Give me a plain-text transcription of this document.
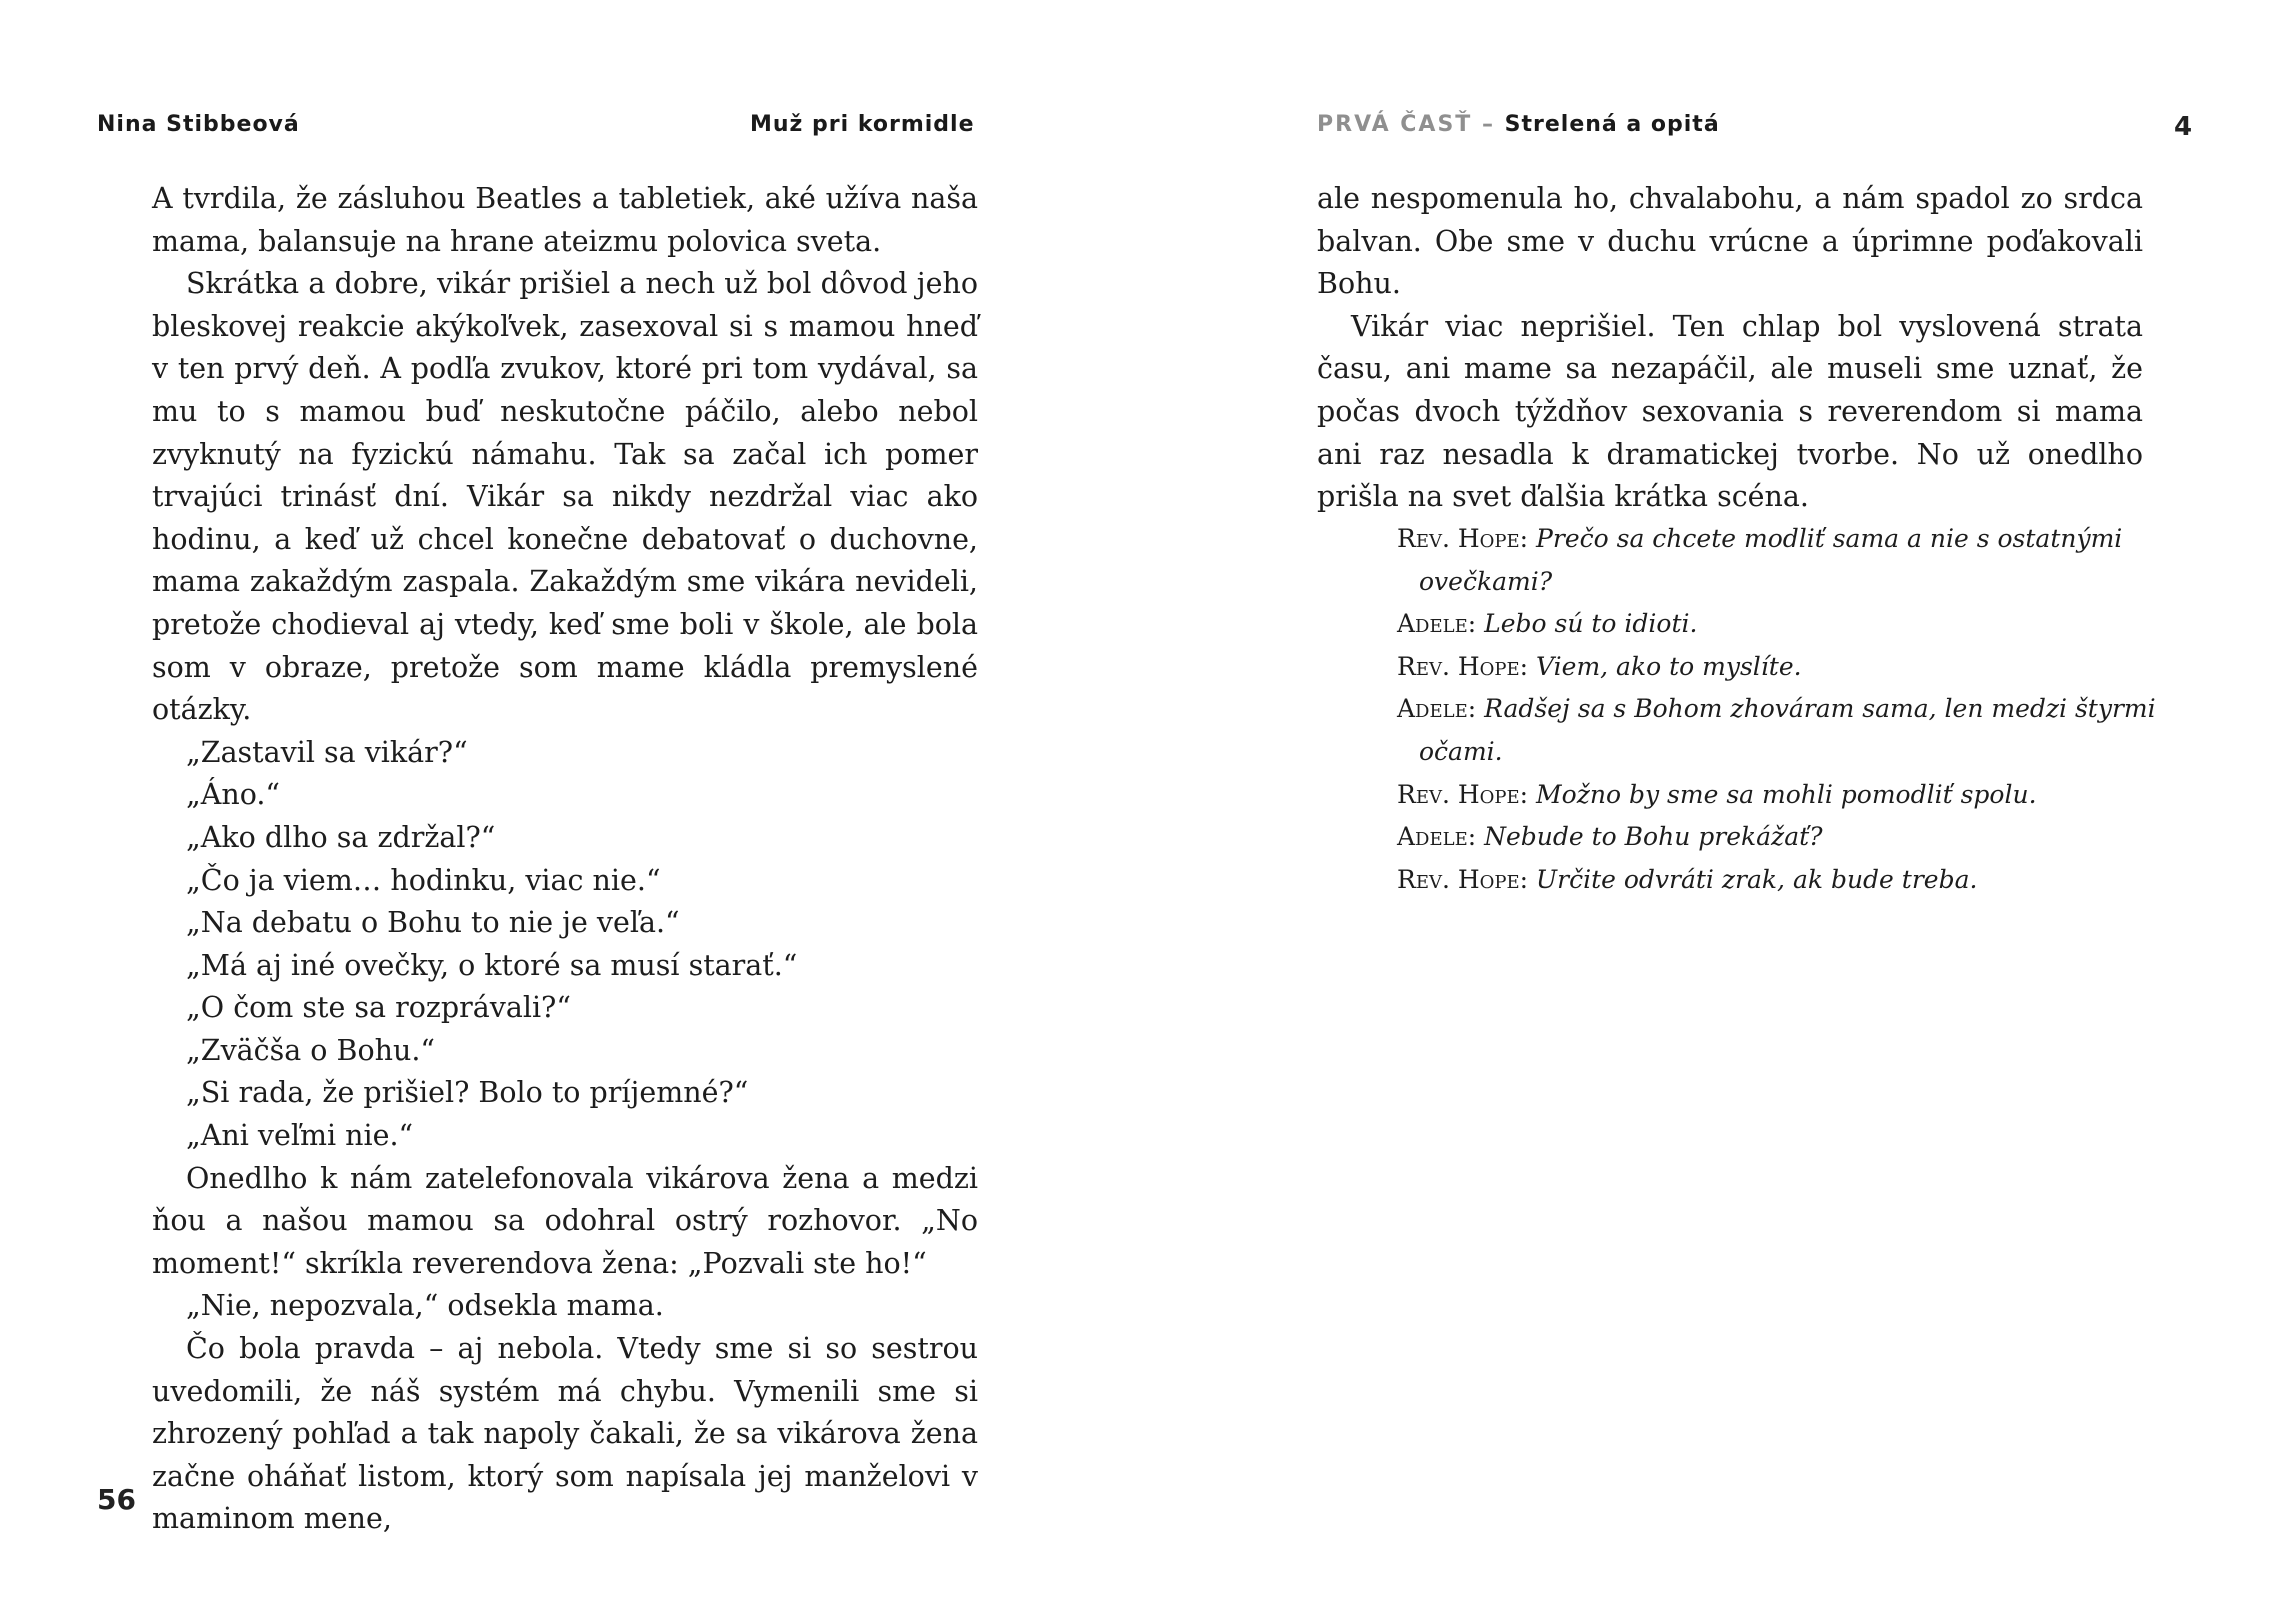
Nina Stibbeová	Muž pri kormidle

A tvrdila, že zásluhou Beatles a tabletiek, aké užíva naša mama, balansuje na hrane ateizmu polovica sveta.

Skrátka a dobre, vikár prišiel a nech už bol dôvod jeho bleskovej reakcie akýkoľvek, zasexoval si s mamou hneď v ten prvý deň. A podľa zvukov, ktoré pri tom vydával, sa mu to s mamou buď neskutočne páčilo, alebo nebol zvyknutý na fyzickú námahu. Tak sa začal ich pomer trvajúci trinásť dní. Vikár sa nikdy nezdržal viac ako hodinu, a keď už chcel konečne debatovať o duchovne, mama zakaždým zaspala. Zakaždým sme vikára nevideli, pretože chodieval aj vtedy, keď sme boli v škole, ale bola som v obraze, pretože som mame kládla premyslené otázky.

„Zastavil sa vikár?“

„Áno.“

„Ako dlho sa zdržal?“

„Čo ja viem… hodinku, viac nie.“

„Na debatu o Bohu to nie je veľa.“

„Má aj iné ovečky, o ktoré sa musí starať.“

„O čom ste sa rozprávali?“

„Zväčša o Bohu.“

„Si rada, že prišiel? Bolo to príjemné?“

„Ani veľmi nie.“

Onedlho k nám zatelefonovala vikárova žena a medzi ňou a našou mamou sa odohral ostrý rozhovor. „No moment!“ skríkla reverendova žena: „Pozvali ste ho!“

„Nie, nepozvala,“ odsekla mama.

Čo bola pravda – aj nebola. Vtedy sme si so sestrou uvedomili, že náš systém má chybu. Vymenili sme si zhrozený pohľad a tak napoly čakali, že sa vikárova žena začne oháňať listom, ktorý som napísala jej manželovi v maminom mene,

56
PRVÁ ČASŤ – Strelená a opitá	4

ale nespomenula ho, chvalabohu, a nám spadol zo srdca balvan. Obe sme v duchu vrúcne a úprimne poďakovali Bohu.

Vikár viac neprišiel. Ten chlap bol vyslovená strata času, ani mame sa nezapáčil, ale museli sme uznať, že počas dvoch týždňov sexovania s reverendom si mama ani raz nesadla k dramatickej tvorbe. No už onedlho prišla na svet ďalšia krátka scéna.

Rev. Hope: Prečo sa chcete modliť sama a nie s ostatnými ovečkami?
Adele: Lebo sú to idioti.
Rev. Hope: Viem, ako to myslíte.
Adele: Radšej sa s Bohom zhováram sama, len medzi štyrmi očami.
Rev. Hope: Možno by sme sa mohli pomodliť spolu.
Adele: Nebude to Bohu prekážať?
Rev. Hope: Určite odvráti zrak, ak bude treba.
